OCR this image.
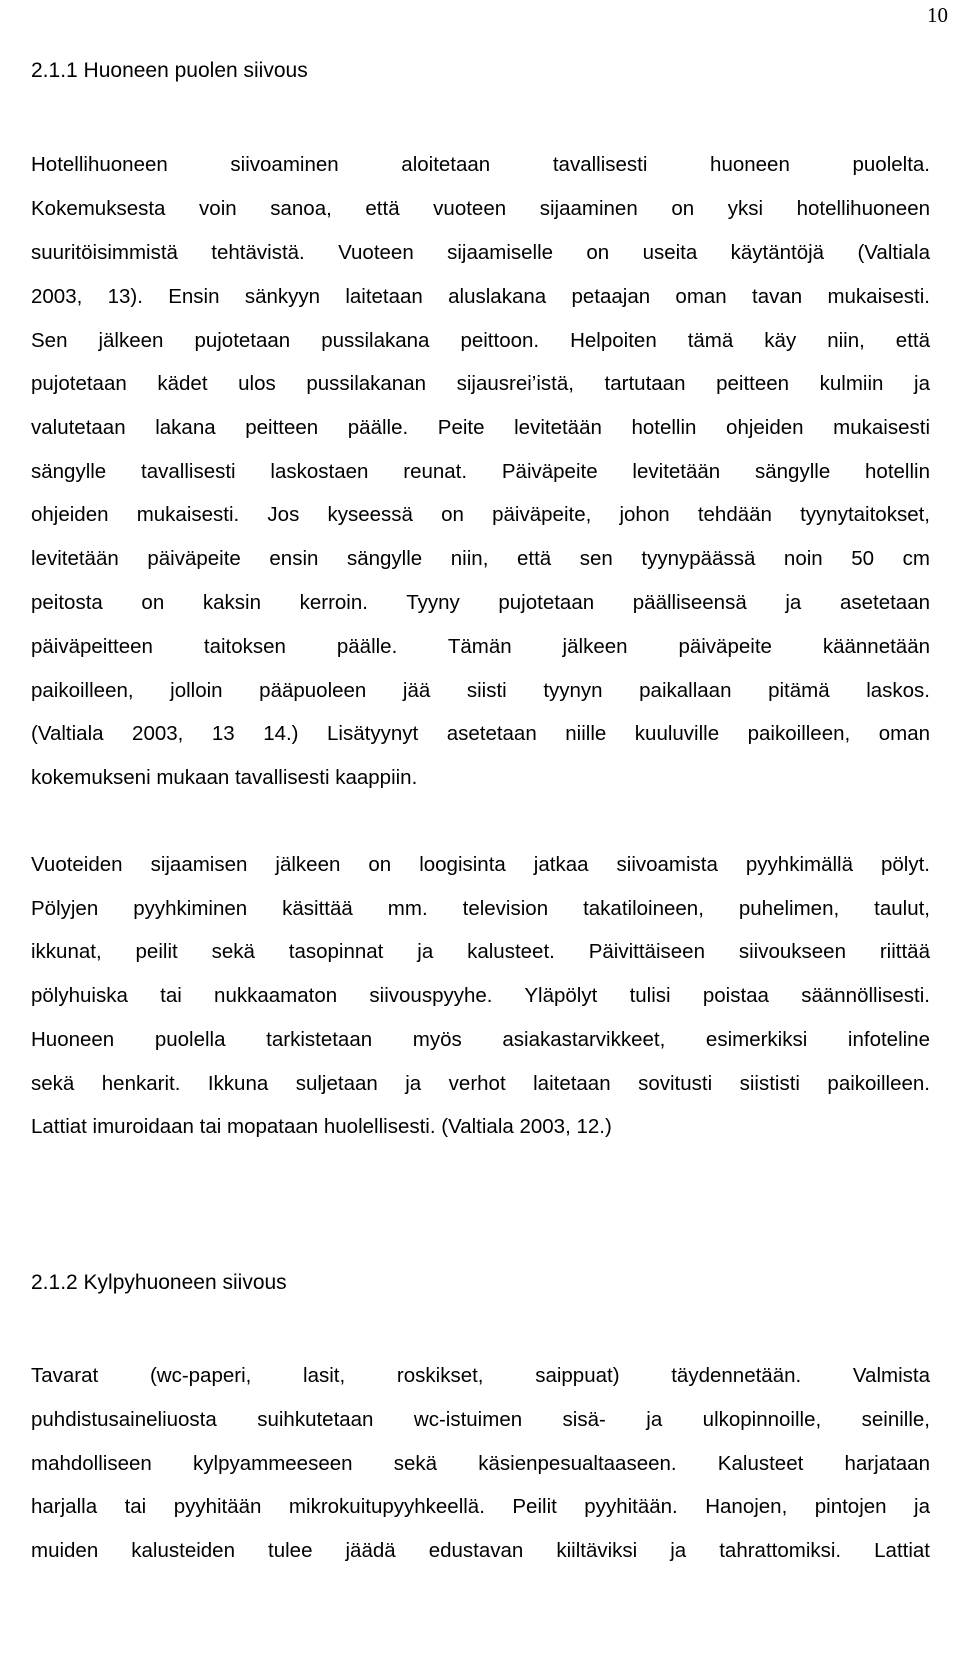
10
2.1.1 Huoneen puolen siivous
Hotellihuoneen siivoaminen aloitetaan tavallisesti huoneen puolelta.
Kokemuksesta voin sanoa, että vuoteen sijaaminen on yksi hotellihuoneen
suuritöisimmistä tehtävistä. Vuoteen sijaamiselle on useita käytäntöjä (Valtiala
2003, 13). Ensin sänkyyn laitetaan aluslakana petaajan oman tavan mukaisesti.
Sen jälkeen pujotetaan pussilakana peittoon. Helpoiten tämä käy niin, että
pujotetaan kädet ulos pussilakanan sijausrei’istä, tartutaan peitteen kulmiin ja
valutetaan lakana peitteen päälle. Peite levitetään hotellin ohjeiden mukaisesti
sängylle tavallisesti laskostaen reunat. Päiväpeite levitetään sängylle hotellin
ohjeiden mukaisesti. Jos kyseessä on päiväpeite, johon tehdään tyynytaitokset,
levitetään päiväpeite ensin sängylle niin, että sen tyynypäässä noin 50 cm
peitosta on kaksin kerroin. Tyyny pujotetaan päälliseensä ja asetetaan
päiväpeitteen taitoksen päälle. Tämän jälkeen päiväpeite käännetään
paikoilleen, jolloin pääpuoleen jää siisti tyynyn paikallaan pitämä laskos.
(Valtiala 2003, 13 14.) Lisätyynyt asetetaan niille kuuluville paikoilleen, oman
kokemukseni mukaan tavallisesti kaappiin.
Vuoteiden sijaamisen jälkeen on loogisinta jatkaa siivoamista pyyhkimällä pölyt.
Pölyjen pyyhkiminen käsittää mm. television takatiloineen, puhelimen, taulut,
ikkunat, peilit sekä tasopinnat ja kalusteet. Päivittäiseen siivoukseen riittää
pölyhuiska tai nukkaamaton siivouspyyhe. Yläpölyt tulisi poistaa säännöllisesti.
Huoneen puolella tarkistetaan myös asiakastarvikkeet, esimerkiksi infoteline
sekä henkarit. Ikkuna suljetaan ja verhot laitetaan sovitusti siististi paikoilleen.
Lattiat imuroidaan tai mopataan huolellisesti. (Valtiala 2003, 12.)
2.1.2 Kylpyhuoneen siivous
Tavarat (wc-paperi, lasit, roskikset, saippuat) täydennetään. Valmista
puhdistusaineliuosta suihkutetaan wc-istuimen sisä- ja ulkopinnoille, seinille,
mahdolliseen kylpyammeeseen sekä käsienpesualtaaseen. Kalusteet harjataan
harjalla tai pyyhitään mikrokuitupyyhkeellä. Peilit pyyhitään. Hanojen, pintojen ja
muiden kalusteiden tulee jäädä edustavan kiiltäviksi ja tahrattomiksi. Lattiat
